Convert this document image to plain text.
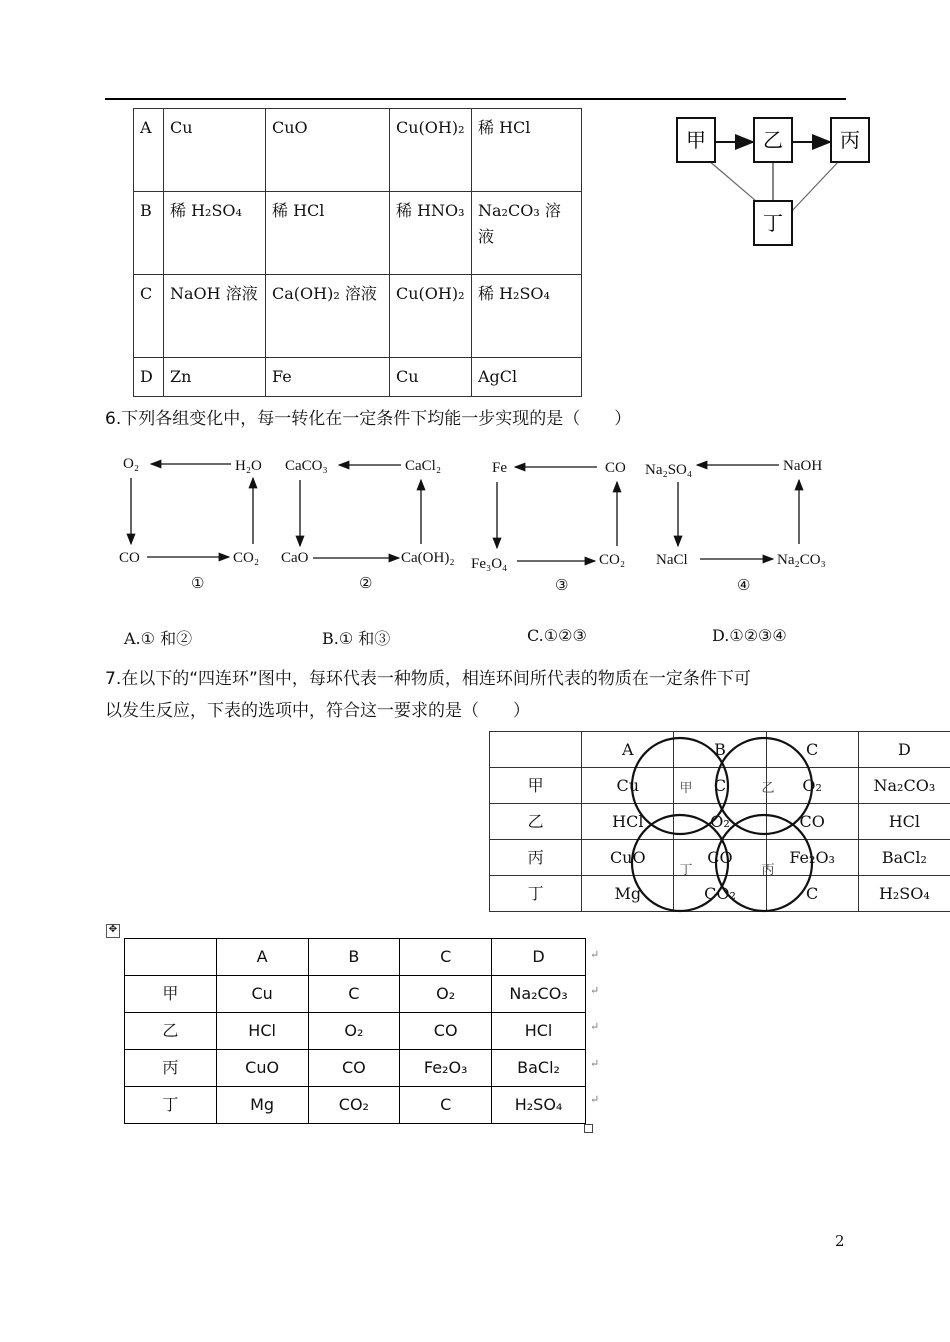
A	Cu	CuO	Cu(OH)₂	稀 HCl
B	稀 H₂SO₄	稀 HCl	稀 HNO₃	Na₂CO₃ 溶液
C	NaOH 溶液	Ca(OH)₂ 溶液	Cu(OH)₂	稀 H₂SO₄
D	Zn	Fe	Cu	AgCl
甲	乙	丙
丁
6.下列各组变化中，每一转化在一定条件下均能一步实现的是（　　）
O₂	H₂O
CO	CO₂
①
CaCO₃	CaCl₂
CaO	Ca(OH)₂
②
Fe	CO
Fe₃O₄	CO₂
③
Na₂SO₄	NaOH
NaCl	Na₂CO₃
④
A.① 和②	B.① 和③	C.①②③	D.①②③④
7.在以下的“四连环”图中，每环代表一种物质，相连环间所代表的物质在一定条件下可
以发生反应，下表的选项中，符合这一要求的是（　　）
	A	B	C	D
甲	Cu	C	O₂	Na₂CO₃
乙	HCl	O₂	CO	HCl
丙	CuO	CO	Fe₂O₃	BaCl₂
丁	Mg	CO₂	C	H₂SO₄
甲	乙
丁	丙
✥
	A	B	C	D
甲	Cu	C	O₂	Na₂CO₃
乙	HCl	O₂	CO	HCl
丙	CuO	CO	Fe₂O₃	BaCl₂
丁	Mg	CO₂	C	H₂SO₄
↵
↵
↵
↵
↵
2
